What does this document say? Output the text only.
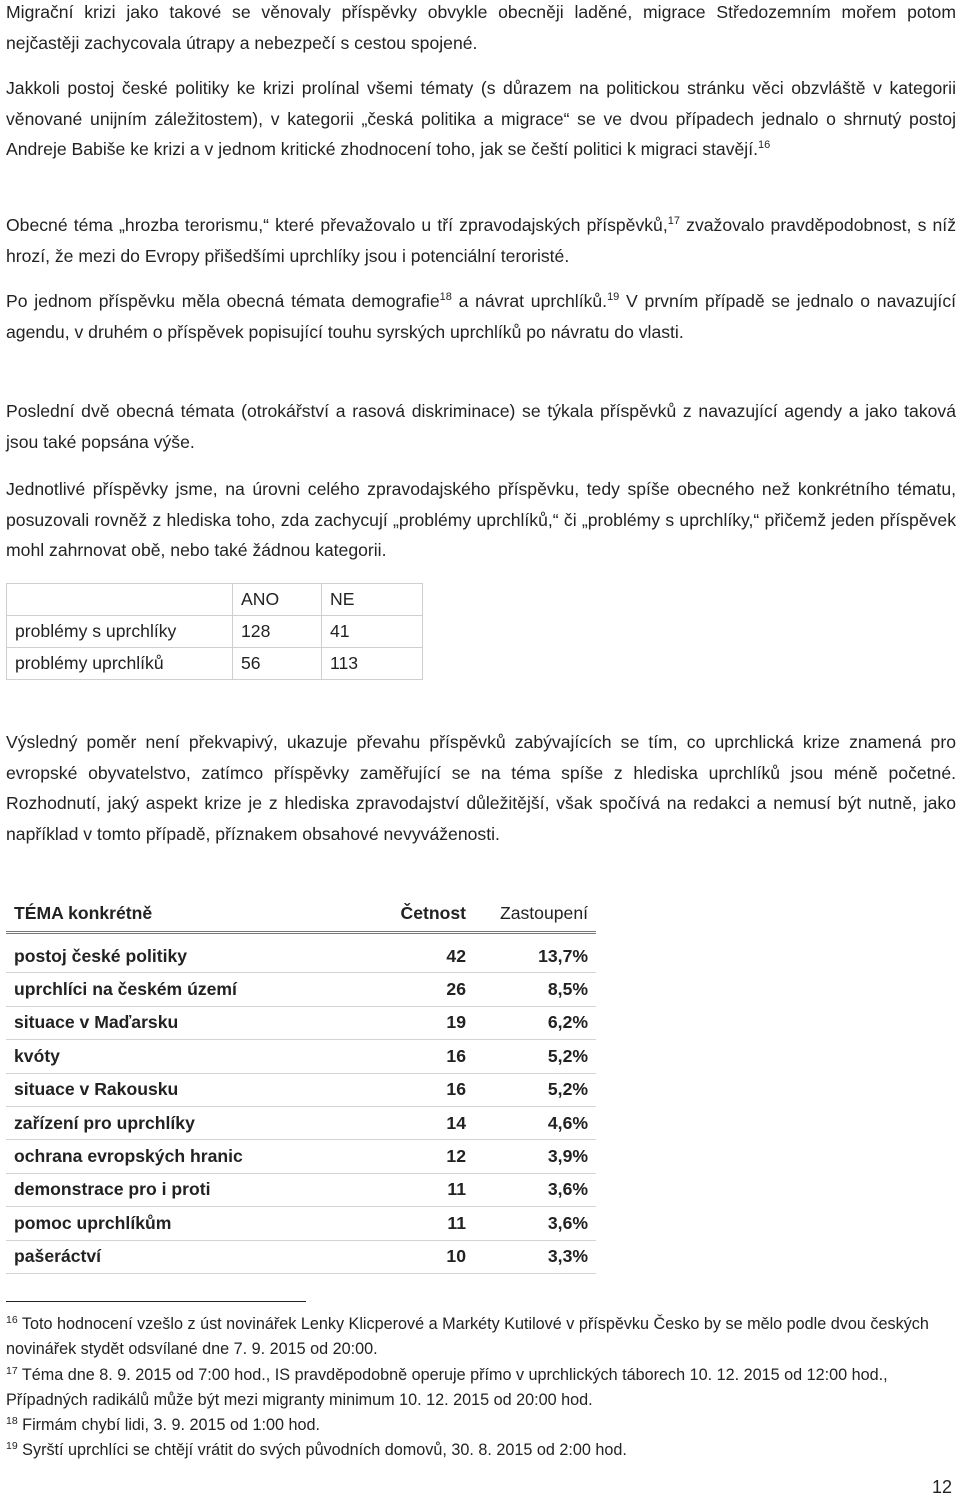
Migrační krizi jako takové se věnovaly příspěvky obvykle obecněji laděné, migrace Středozemním mořem potom nejčastěji zachycovala útrapy a nebezpečí s cestou spojené.

Jakkoli postoj české politiky ke krizi prolínal všemi tématy (s důrazem na politickou stránku věci obzvláště v kategorii věnované unijním záležitostem), v kategorii „česká politika a migrace“ se ve dvou případech jednalo o shrnutý postoj Andreje Babiše ke krizi a v jednom kritické zhodnocení toho, jak se čeští politici k migraci stavějí.$^{16}$

Obecné téma „hrozba terorismu,“ které převažovalo u tří zpravodajských příspěvků,$^{17}$ zvažovalo pravděpodobnost, s níž hrozí, že mezi do Evropy přišedšími uprchlíky jsou i potenciální teroristé.

Po jednom příspěvku měla obecná témata demografie$^{18}$ a návrat uprchlíků.$^{19}$ V prvním případě se jednalo o navazující agendu, v druhém o příspěvek popisující touhu syrských uprchlíků po návratu do vlasti.

Poslední dvě obecná témata (otrokářství a rasová diskriminace) se týkala příspěvků z navazující agendy a jako taková jsou také popsána výše.

Jednotlivé příspěvky jsme, na úrovni celého zpravodajského příspěvku, tedy spíše obecného než konkrétního tématu, posuzovali rovněž z hlediska toho, zda zachycují „problémy uprchlíků,“ či „problémy s uprchlíky,“ přičemž jeden příspěvek mohl zahrnovat obě, nebo také žádnou kategorii.

	ANO	NE
problémy s uprchlíky	128	41
problémy uprchlíků	56	113

Výsledný poměr není překvapivý, ukazuje převahu příspěvků zabývajících se tím, co uprchlická krize znamená pro evropské obyvatelstvo, zatímco příspěvky zaměřující se na téma spíše z hlediska uprchlíků jsou méně početné. Rozhodnutí, jaký aspekt krize je z hlediska zpravodajství důležitější, však spočívá na redakci a nemusí být nutně, jako například v tomto případě, příznakem obsahové nevyváženosti.

TÉMA konkrétně	Četnost	Zastoupení

postoj české politiky	42	13,7%
uprchlíci na českém území	26	8,5%
situace v Maďarsku	19	6,2%
kvóty	16	5,2%
situace v Rakousku	16	5,2%
zařízení pro uprchlíky	14	4,6%
ochrana evropských hranic	12	3,9%
demonstrace pro i proti	11	3,6%
pomoc uprchlíkům	11	3,6%
pašeráctví	10	3,3%
$^{16}$ Toto hodnocení vzešlo z úst novinářek Lenky Klicperové a Markéty Kutilové v příspěvku Česko by se mělo podle dvou českých novinářek stydět odsvílané dne 7. 9. 2015 od 20:00.
$^{17}$ Téma dne 8. 9. 2015 od 7:00 hod., IS pravděpodobně operuje přímo v uprchlických táborech 10. 12. 2015 od 12:00 hod., Případných radikálů může být mezi migranty minimum 10. 12. 2015 od 20:00 hod.
$^{18}$ Firmám chybí lidi, 3. 9. 2015 od 1:00 hod.
$^{19}$ Syrští uprchlíci se chtějí vrátit do svých původních domovů, 30. 8. 2015 od 2:00 hod.
12
